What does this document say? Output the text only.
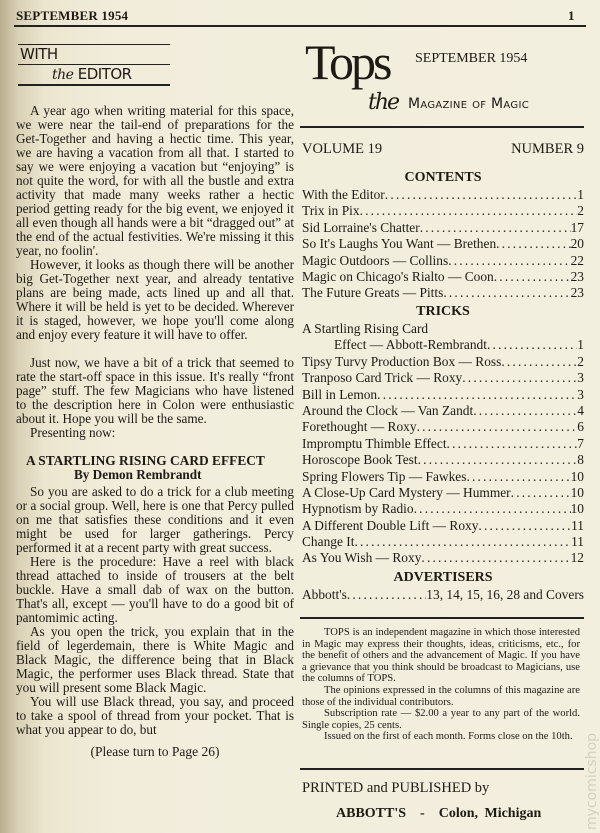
SEPTEMBER 1954	1
WITH
the EDITOR

A year ago when writing material for this space, we were near the tail-end of preparations for the Get-Together and having a hectic time. This year, we are having a vacation from all that. I started to say we were enjoying a vacation but “enjoying” is not quite the word, for with all the bustle and extra activity that made many weeks rather a hectic period getting ready for the big event, we enjoyed it all even though all hands were a bit “dragged out” at the end of the actual festivities. We're missing it this year, no foolin'.

However, it looks as though there will be another big Get-Together next year, and already tentative plans are being made, acts lined up and all that. Where it will be held is yet to be decided. Wherever it is staged, however, we hope you'll come along and enjoy every feature it will have to offer.

Just now, we have a bit of a trick that seemed to rate the start-off space in this issue. It's really “front page” stuff. The few Magicians who have listened to the description here in Colon were enthusiastic about it. Hope you will be the same.

Presenting now:

A STARTLING RISING CARD EFFECT

By Demon Rembrandt

So you are asked to do a trick for a club meeting or a social group. Well, here is one that Percy pulled on me that satisfies these conditions and it even might be used for larger gatherings. Percy performed it at a recent party with great success.

Here is the procedure: Have a reel with black thread attached to inside of trousers at the belt buckle. Have a small dab of wax on the button. That's all, except — you'll have to do a good bit of pantomimic acting.

As you open the trick, you explain that in the field of legerdemain, there is White Magic and Black Magic, the difference being that in Black Magic, the performer uses Black thread. State that you will present some Black Magic.

You will use Black thread, you say, and proceed to take a spool of thread from your pocket. That is what you appear to do, but

(Please turn to Page 26)

Tops
the Magazine of Magic
SEPTEMBER 1954
VOLUME 19	NUMBER 9
CONTENTS
With the Editor .....	1
Trix in Pix .....	2
Sid Lorraine's Chatter .....	17
So It's Laughs You Want — Brethen .....	20
Magic Outdoors — Collins .....	22
Magic on Chicago's Rialto — Coon .....	23
The Future Greats — Pitts .....	23
TRICKS
A Startling Rising Card
Effect — Abbott-Rembrandt .....	1
Tipsy Turvy Production Box — Ross .....	2
Tranposo Card Trick — Roxy .....	3
Bill in Lemon .....	3
Around the Clock — Van Zandt .....	4
Forethought — Roxy .....	6
Impromptu Thimble Effect .....	7
Horoscope Book Test .....	8
Spring Flowers Tip — Fawkes .....	10
A Close-Up Card Mystery — Hummer .....	10
Hypnotism by Radio .....	10
A Different Double Lift — Roxy .....	11
Change It .....	11
As You Wish — Roxy .....	12
ADVERTISERS
Abbott's .....	13, 14, 15, 16, 28 and Covers

TOPS is an independent magazine in which those interested in Magic may express their thoughts, ideas, criticisms, etc., for the benefit of others and the advancement of Magic. If you have a grievance that you think should be broadcast to Magicians, use the columns of TOPS.

The opinions expressed in the columns of this magazine are those of the individual contributors.

Subscription rate — $2.00 a year to any part of the world. Single copies, 25 cents.

Issued on the first of each month. Forms close on the 10th.

PRINTED and PUBLISHED by
ABBOTT'S - Colon, Michigan	mycomicshop
